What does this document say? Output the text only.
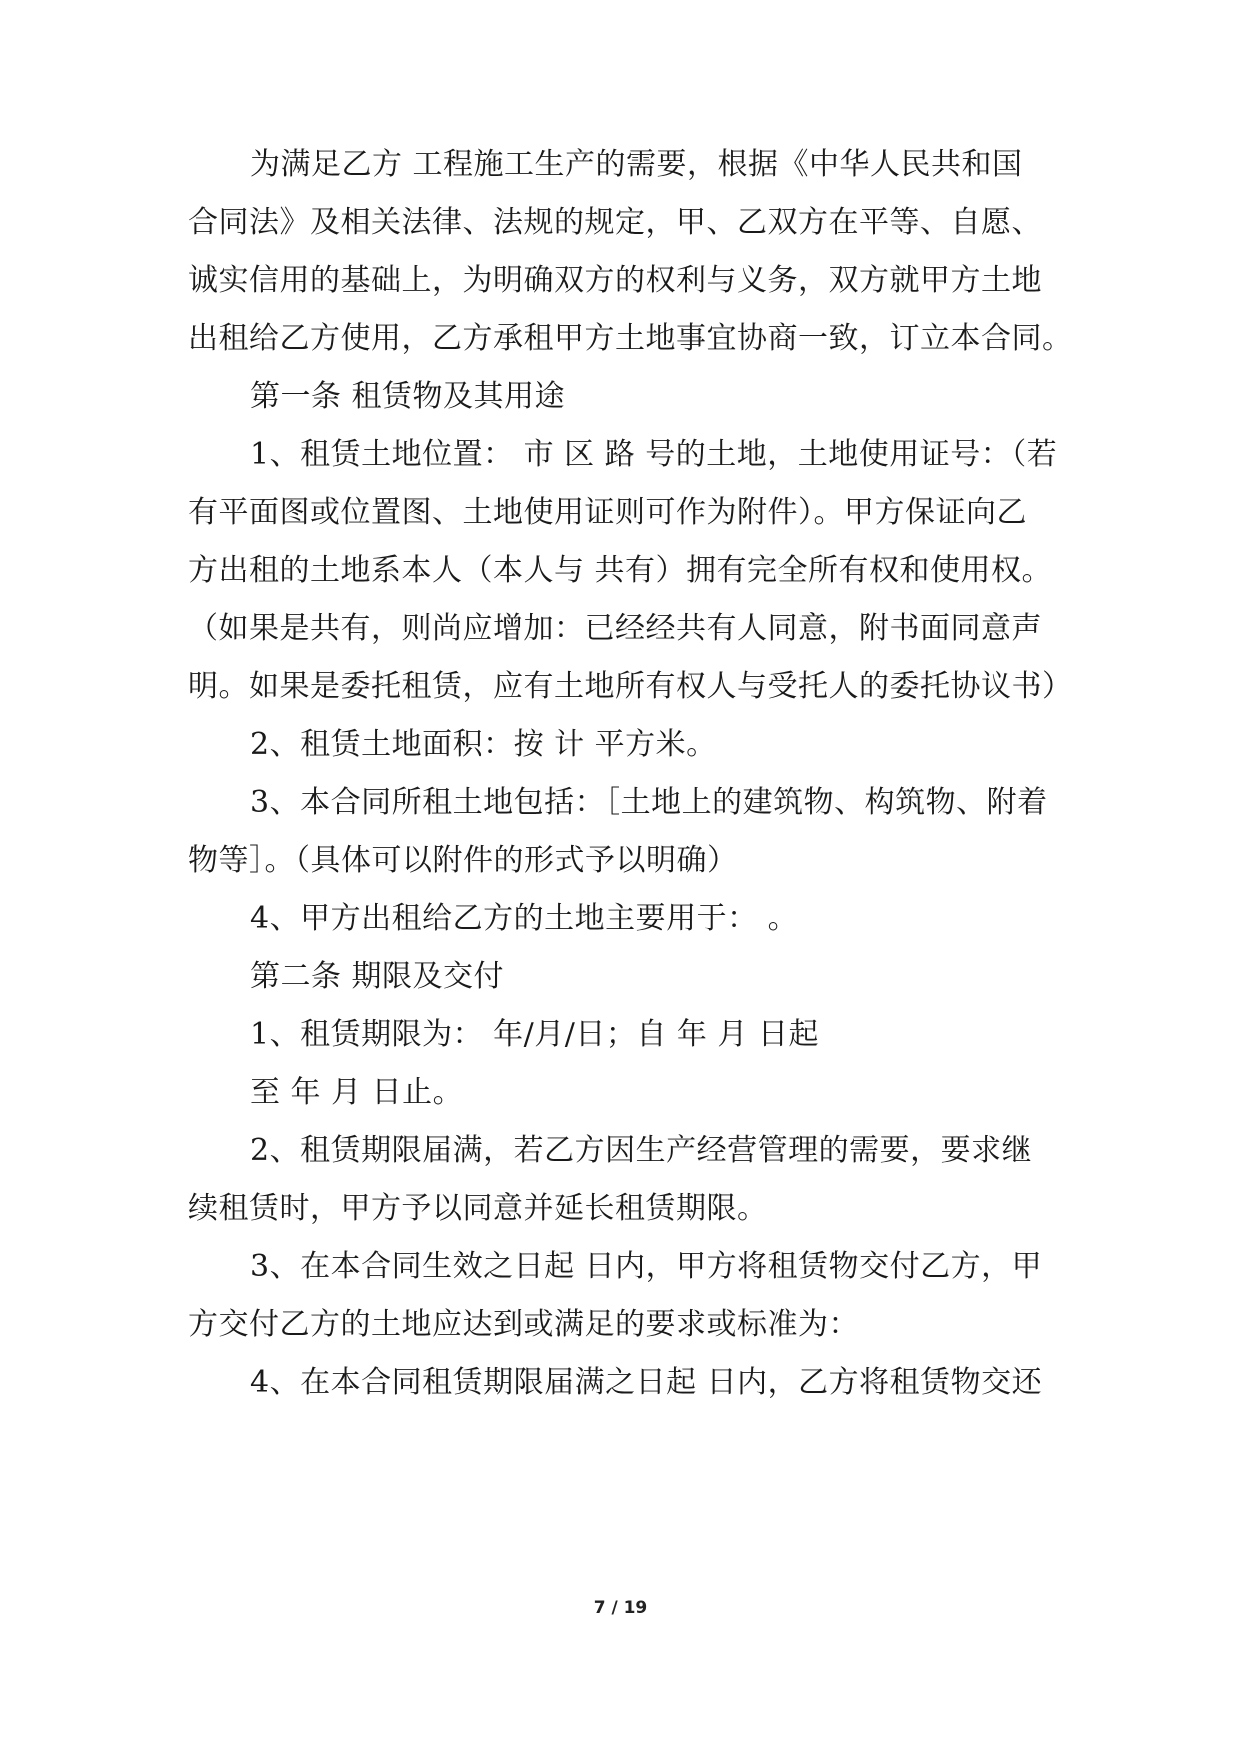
为满足乙方 工程施工生产的需要，根据《中华人民共和国

合同法》及相关法律、法规的规定，甲、乙双方在平等、自愿、

诚实信用的基础上，为明确双方的权利与义务，双方就甲方土地

出租给乙方使用，乙方承租甲方土地事宜协商一致，订立本合同。

第一条 租赁物及其用途

1、租赁土地位置： 市 区 路 号的土地，土地使用证号：（若

有平面图或位置图、土地使用证则可作为附件）。甲方保证向乙

方出租的土地系本人（本人与 共有）拥有完全所有权和使用权。

（如果是共有，则尚应增加：已经经共有人同意，附书面同意声

明。如果是委托租赁，应有土地所有权人与受托人的委托协议书）

2、租赁土地面积：按 计 平方米。

3、本合同所租土地包括：［土地上的建筑物、构筑物、附着

物等］。（具体可以附件的形式予以明确）

4、甲方出租给乙方的土地主要用于： 。

第二条 期限及交付

1、租赁期限为： 年/月/日；自 年 月 日起

至 年 月 日止。

2、租赁期限届满，若乙方因生产经营管理的需要，要求继

续租赁时，甲方予以同意并延长租赁期限。

3、在本合同生效之日起 日内，甲方将租赁物交付乙方，甲

方交付乙方的土地应达到或满足的要求或标准为：

4、在本合同租赁期限届满之日起 日内，乙方将租赁物交还

7 / 19
